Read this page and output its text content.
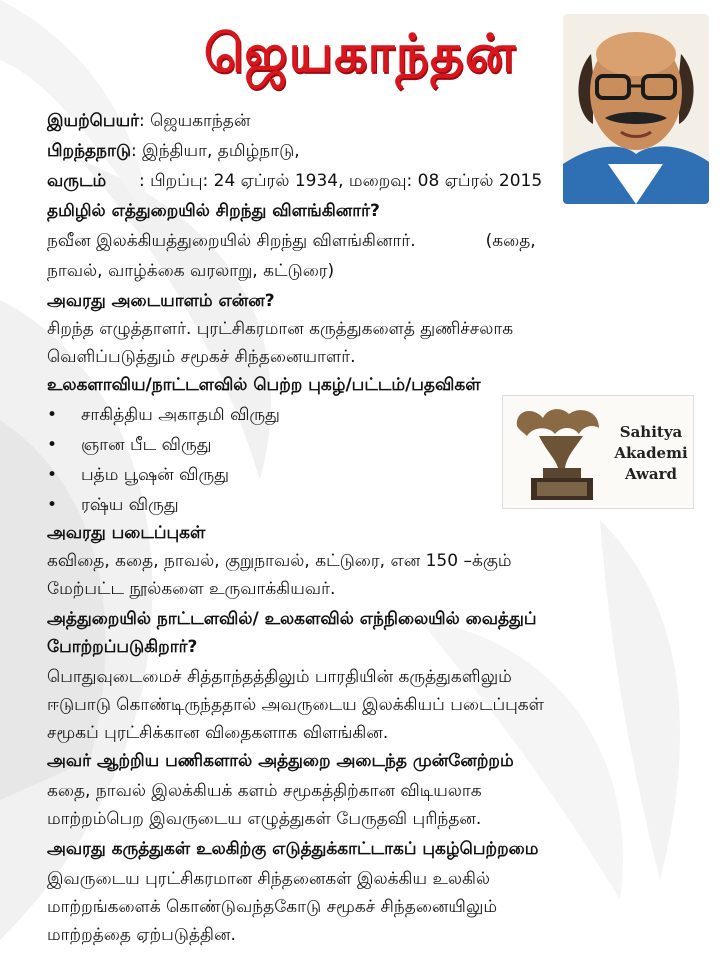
ஜெயகாந்தன்
இயற்பெயர்: ஜெயகாந்தன்
பிறந்தநாடு: இந்தியா, தமிழ்நாடு,
வருடம் : பிறப்பு: 24 ஏப்ரல் 1934, மறைவு: 08 ஏப்ரல் 2015
தமிழில் எத்துறையில் சிறந்து விளங்கினார்?
நவீன இலக்கியத்துறையில் சிறந்து விளங்கினார்.	(கதை,
நாவல், வாழ்க்கை வரலாறு, கட்டுரை)
அவரது அடையாளம் என்ன?
சிறந்த எழுத்தாளர். புரட்சிகரமான கருத்துகளைத் துணிச்சலாக
வெளிப்படுத்தும் சமூகச் சிந்தனையாளர்.
உலகளாவிய/நாட்டளவில் பெற்ற புகழ்/பட்டம்/பதவிகள்
• சாகித்திய அகாதமி விருது
• ஞான பீட விருது
• பத்ம பூஷன் விருது
• ரஷ்ய விருது
Sahitya
Akademi
Award
அவரது படைப்புகள்
கவிதை, கதை, நாவல், குறுநாவல், கட்டுரை, என 150 –க்கும்
மேற்பட்ட நூல்களை உருவாக்கியவர்.
அத்துறையில் நாட்டளவில்/ உலகளவில் எந்நிலையில் வைத்துப்
போற்றப்படுகிறார்?
பொதுவுடைமைச் சித்தாந்தத்திலும் பாரதியின் கருத்துகளிலும்
ஈடுபாடு கொண்டிருந்ததால் அவருடைய இலக்கியப் படைப்புகள்
சமூகப் புரட்சிக்கான விதைகளாக விளங்கின.
அவர் ஆற்றிய பணிகளால் அத்துறை அடைந்த முன்னேற்றம்
கதை, நாவல் இலக்கியக் களம் சமூகத்திற்கான விடியலாக
மாற்றம்பெற இவருடைய எழுத்துகள் பேருதவி புரிந்தன.
அவரது கருத்துகள் உலகிற்கு எடுத்துக்காட்டாகப் புகழ்பெற்றமை
இவருடைய புரட்சிகரமான சிந்தனைகள் இலக்கிய உலகில்
மாற்றங்களைக் கொண்டுவந்தகோடு சமூகச் சிந்தனையிலும்
மாற்றத்தை ஏற்படுத்தின.
